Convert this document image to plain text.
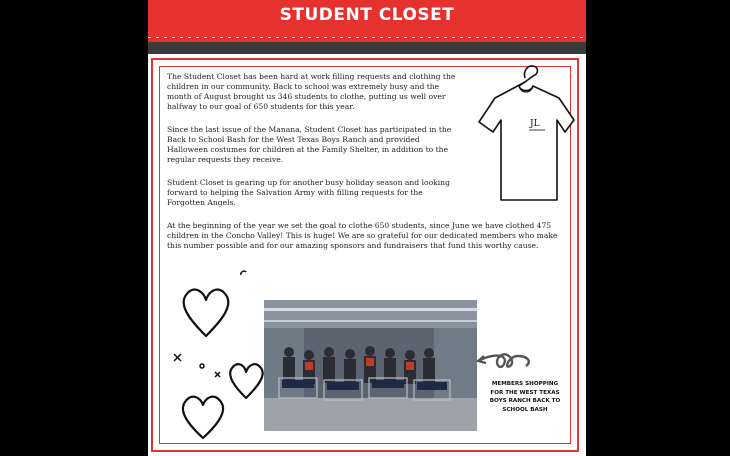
STUDENT CLOSET
The Student Closet has been hard at work filling requests and clothing the children in our community. Back to school was extremely busy and the month of August brought us 346 students to clothe, putting us well over halfway to our goal of 650 students for this year.
Since the last issue of the Manana, Student Closet has participated in the Back to School Bash for the West Texas Boys Ranch and provided Halloween costumes for children at the Family Shelter, in addition to the regular requests they receive.
Student Closet is gearing up for another busy holiday season and looking forward to helping the Salvation Army with filling requests for the Forgotten Angels.
At the beginning of the year we set the goal to clothe 650 students, since June we have clothed 475 children in the Concho Valley! This is huge! We are so grateful for our dedicated members who make this number possible and for our amazing sponsors and fundraisers that fund this worthy cause.
JL
MEMBERS SHOPPING FOR THE WEST TEXAS BOYS RANCH BACK TO SCHOOL BASH
